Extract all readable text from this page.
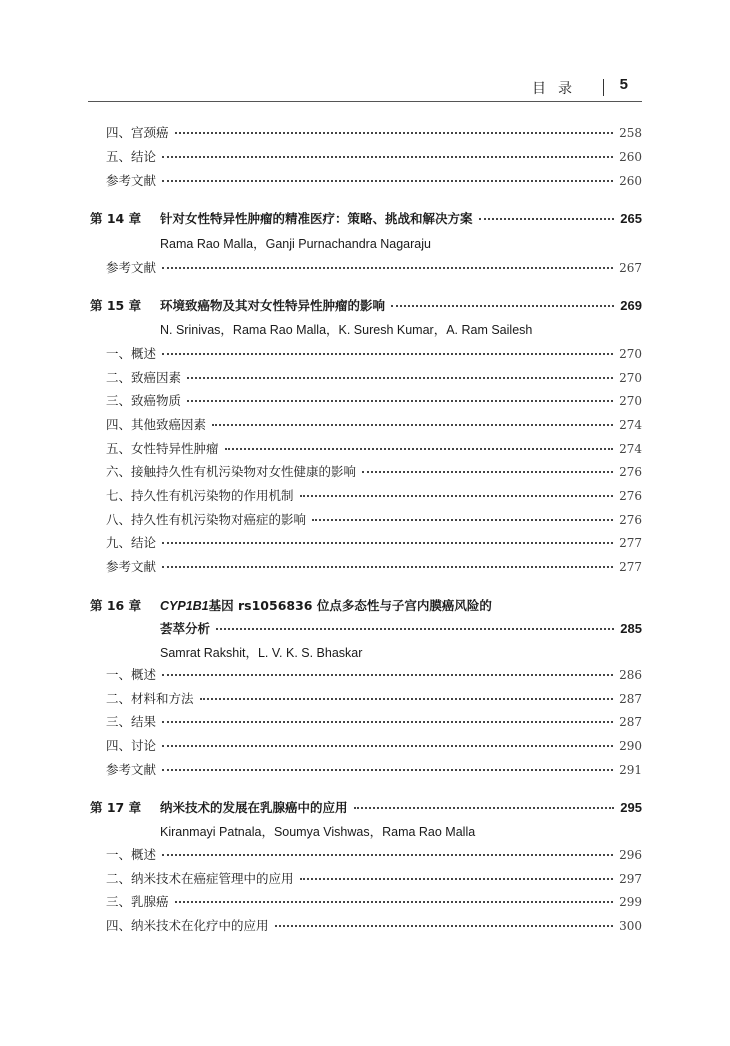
目录 5
四、宫颈癌	258
五、结论	260
参考文献	260
第 14 章	针对女性特异性肿瘤的精准医疗：策略、挑战和解决方案	265
Rama Rao Malla，Ganji Purnachandra Nagaraju
参考文献	267
第 15 章	环境致癌物及其对女性特异性肿瘤的影响	269
N. Srinivas，Rama Rao Malla，K. Suresh Kumar，A. Ram Sailesh
一、概述	270
二、致癌因素	270
三、致癌物质	270
四、其他致癌因素	274
五、女性特异性肿瘤	274
六、接触持久性有机污染物对女性健康的影响	276
七、持久性有机污染物的作用机制	276
八、持久性有机污染物对癌症的影响	276
九、结论	277
参考文献	277
第 16 章	CYP1B1 基因 rs1056836 位点多态性与子宫内膜癌风险的
荟萃分析	285
Samrat Rakshit，L. V. K. S. Bhaskar
一、概述	286
二、材料和方法	287
三、结果	287
四、讨论	290
参考文献	291
第 17 章	纳米技术的发展在乳腺癌中的应用	295
Kiranmayi Patnala，Soumya Vishwas，Rama Rao Malla
一、概述	296
二、纳米技术在癌症管理中的应用	297
三、乳腺癌	299
四、纳米技术在化疗中的应用	300
